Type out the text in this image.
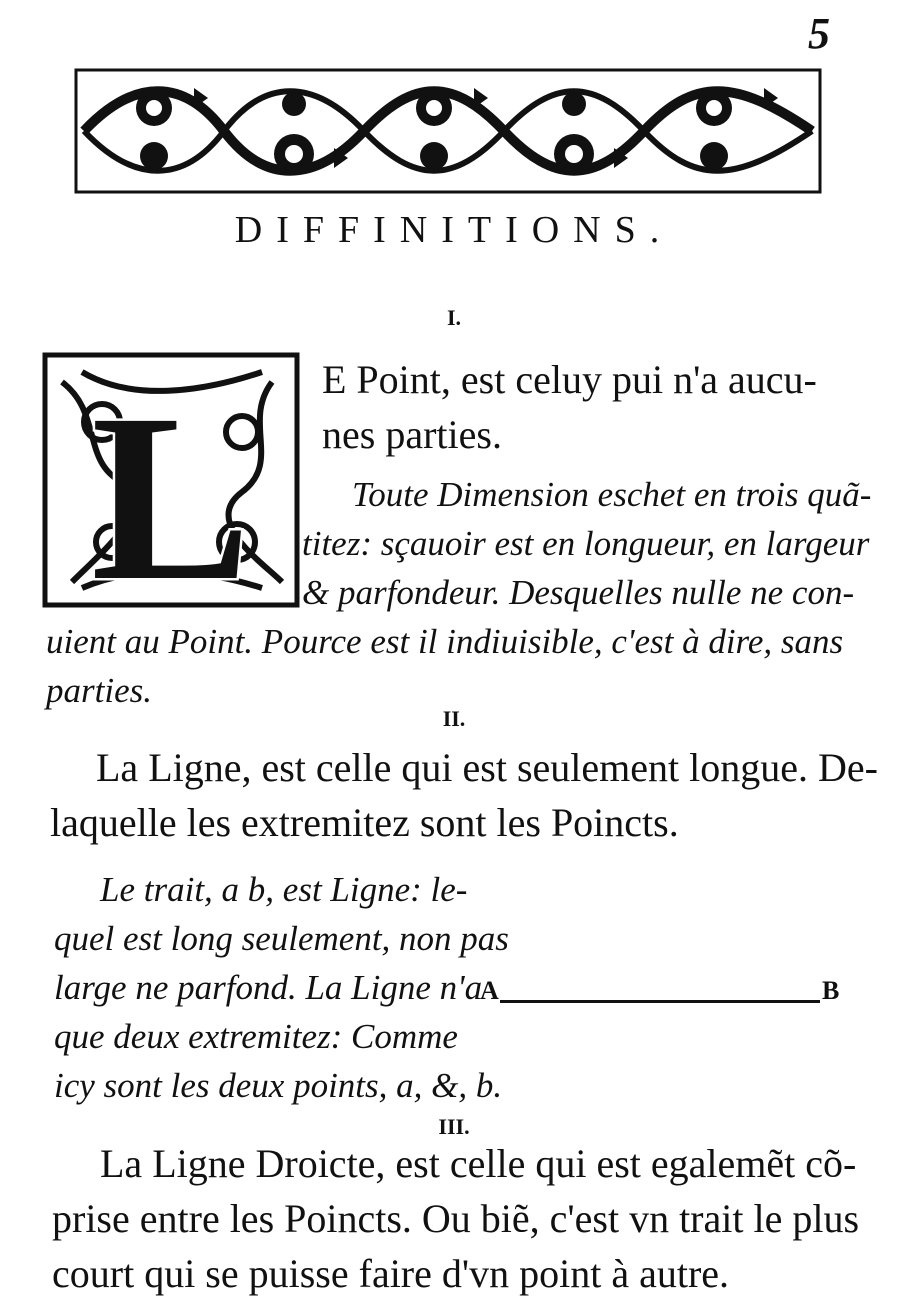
5
DIFFINITIONS.
I.
L E Point, est celuy pui n'a aucu-
nes parties.
Toute Dimension eschet en trois quã-
titez: sçauoir est en longueur, en largeur
& parfondeur. Desquelles nulle ne con-
uient au Point. Pource est il indiuisible, c'est à dire, sans
parties.
II.
La Ligne, est celle qui est seulement longue. De-
laquelle les extremitez sont les Poincts.
Le trait, a b, est Ligne: le-
quel est long seulement, non pas
large ne parfond. La Ligne n'a
que deux extremitez: Comme
icy sont les deux points, a, &, b.
A	B
III.
La Ligne Droicte, est celle qui est egalemẽt cõ-
prise entre les Poincts. Ou biẽ, c'est vn trait le plus
court qui se puisse faire d'vn point à autre.
